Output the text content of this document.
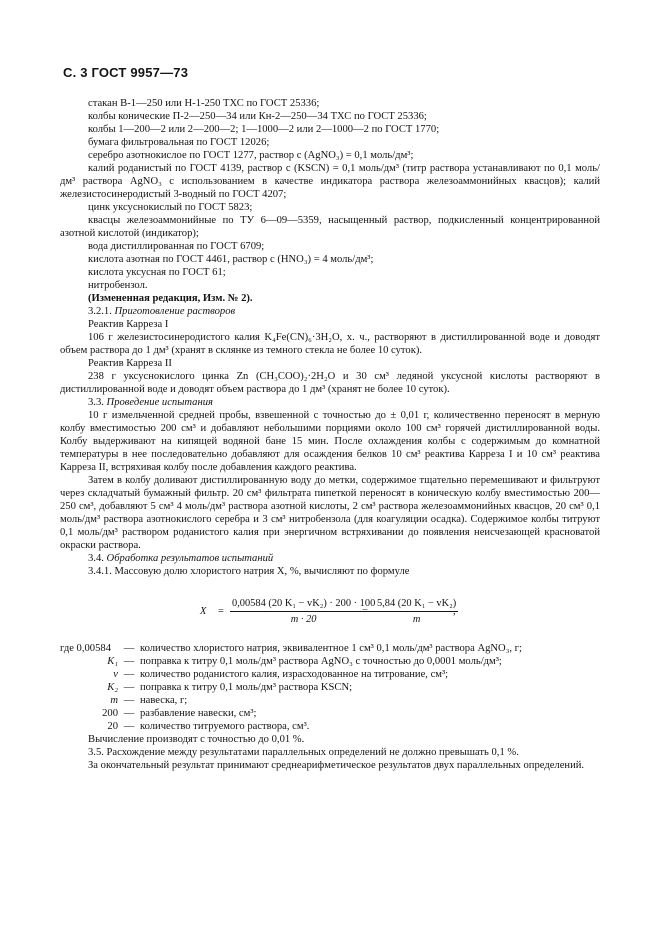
С. 3 ГОСТ 9957—73
стакан В-1—250 или Н-1-250 ТХС по ГОСТ 25336;
колбы конические П-2—250—34 или Кн-2—250—34 ТХС по ГОСТ 25336;
колбы 1—200—2 или 2—200—2; 1—1000—2 или 2—1000—2 по ГОСТ 1770;
бумага фильтровальная по ГОСТ 12026;
серебро азотнокислое по ГОСТ 1277, раствор с (AgNO₃) = 0,1 моль/дм³;
калий роданистый по ГОСТ 4139, раствор с (KSCN) = 0,1 моль/дм³ (титр раствора устанавливают по 0,1 моль/дм³ раствора AgNO₃ с использованием в качестве индикатора раствора железоаммонийных квасцов); калий железистосинеродистый 3-водный по ГОСТ 4207;
цинк уксуснокислый по ГОСТ 5823;
квасцы железоаммонийные по ТУ 6—09—5359, насыщенный раствор, подкисленный концентрированной азотной кислотой (индикатор);
вода дистиллированная по ГОСТ 6709;
кислота азотная по ГОСТ 4461, раствор с (HNO₃) = 4 моль/дм³;
кислота уксусная по ГОСТ 61;
нитробензол.
(Измененная редакция, Изм. № 2).
3.2.1. Приготовление растворов
Реактив Карреза I
106 г железистосинеродистого калия K₄Fe(CN)₆·3H₂O, х. ч., растворяют в дистиллированной воде и доводят объем раствора до 1 дм³ (хранят в склянке из темного стекла не более 10 суток).
Реактив Карреза II
238 г уксуснокислого цинка Zn (CH₃COO)₂·2H₂O и 30 см³ ледяной уксусной кислоты растворяют в дистиллированной воде и доводят объем раствора до 1 дм³ (хранят не более 10 суток).
3.3. Проведение испытания
10 г измельченной средней пробы, взвешенной с точностью до ± 0,01 г, количественно переносят в мерную колбу вместимостью 200 см³ и добавляют небольшими порциями около 100 см³ горячей дистиллированной воды. Колбу выдерживают на кипящей водяной бане 15 мин. После охлаждения колбы с содержимым до комнатной температуры в нее последовательно добавляют для осаждения белков 10 см³ реактива Карреза I и 10 см³ реактива Карреза II, встряхивая колбу после добавления каждого реактива.
Затем в колбу доливают дистиллированную воду до метки, содержимое тщательно перемешивают и фильтруют через складчатый бумажный фильтр. 20 см³ фильтрата пипеткой переносят в коническую колбу вместимостью 200—250 см³, добавляют 5 см³ 4 моль/дм³ раствора азотной кислоты, 2 см³ раствора железоаммонийных квасцов, 20 см³ 0,1 моль/дм³ раствора азотнокислого серебра и 3 см³ нитробензола (для коагуляции осадка). Содержимое колбы титруют 0,1 моль/дм³ раствором роданистого калия при энергичном встряхивании до появления неисчезающей красноватой окраски раствора.
3.4. Обработка результатов испытаний
3.4.1. Массовую долю хлористого натрия X, %, вычисляют по формуле
$X = \frac{\text{0,00584 (20 K₁ − vK₂) · 200 · 100}}{m \cdot 20}$
= $\frac{\text{5,84 (20 K₁ − vK₂)}}{m}$
,
где 0,00584	— количество хлористого натрия, эквивалентное 1 см³ 0,1 моль/дм³ раствора AgNO₃, г;
K₁ — поправка к титру 0,1 моль/дм³ раствора AgNO₃ с точностью до 0,0001 моль/дм³;
v — количество роданистого калия, израсходованное на титрование, см³;
K₂ — поправка к титру 0,1 моль/дм³ раствора KSCN;
m — навеска, г;
200 — разбавление навески, см³;
20 — количество титруемого раствора, см³.
Вычисление производят с точностью до 0,01 %.
3.5. Расхождение между результатами параллельных определений не должно превышать 0,1 %.
За окончательный результат принимают среднеарифметическое результатов двух параллельных определений.
